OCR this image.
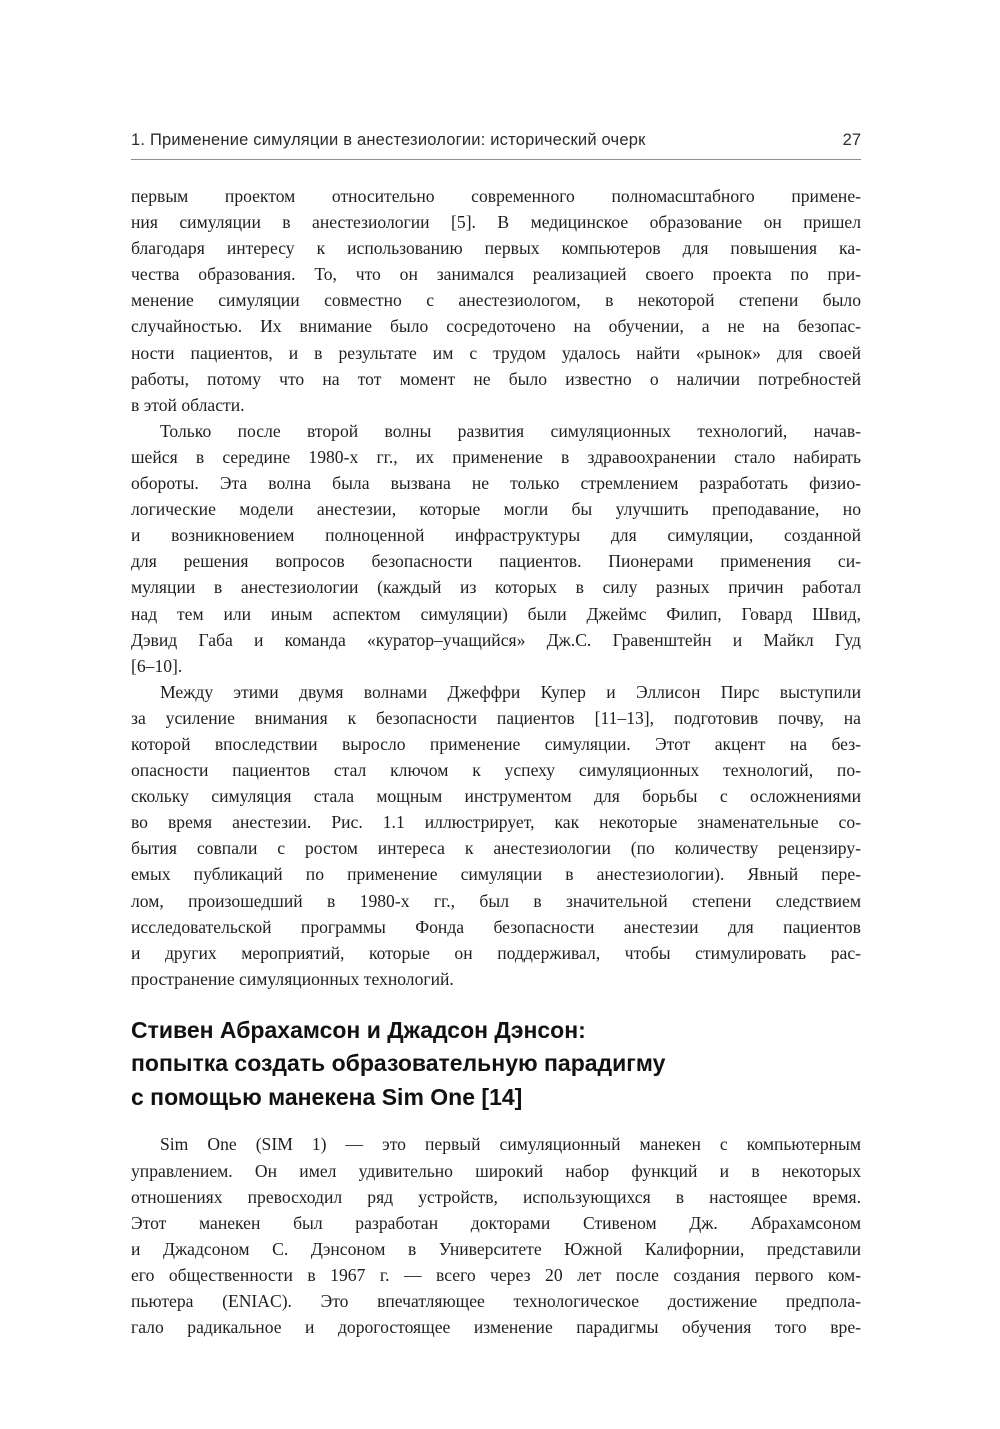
1. Применение симуляции в анестезиологии: исторический очерк	27
первым проектом относительно современного полномасштабного примене-
ния симуляции в анестезиологии [5]. В медицинское образование он пришел
благодаря интересу к использованию первых компьютеров для повышения ка-
чества образования. То, что он занимался реализацией своего проекта по при-
менение симуляции совместно с анестезиологом, в некоторой степени было
случайностью. Их внимание было сосредоточено на обучении, а не на безопас-
ности пациентов, и в результате им с трудом удалось найти «рынок» для своей
работы, потому что на тот момент не было известно о наличии потребностей
в этой области.
Только после второй волны развития симуляционных технологий, начав-
шейся в середине 1980-х гг., их применение в здравоохранении стало набирать
обороты. Эта волна была вызвана не только стремлением разработать физио-
логические модели анестезии, которые могли бы улучшить преподавание, но
и возникновением полноценной инфраструктуры для симуляции, созданной
для решения вопросов безопасности пациентов. Пионерами применения си-
муляции в анестезиологии (каждый из которых в силу разных причин работал
над тем или иным аспектом симуляции) были Джеймс Филип, Говард Швид,
Дэвид Габа и команда «куратор–учащийся» Дж.С. Гравенштейн и Майкл Гуд
[6–10].
Между этими двумя волнами Джеффри Купер и Эллисон Пирс выступили
за усиление внимания к безопасности пациентов [11–13], подготовив почву, на
которой впоследствии выросло применение симуляции. Этот акцент на без-
опасности пациентов стал ключом к успеху симуляционных технологий, по-
скольку симуляция стала мощным инструментом для борьбы с осложнениями
во время анестезии. Рис. 1.1 иллюстрирует, как некоторые знаменательные со-
бытия совпали с ростом интереса к анестезиологии (по количеству рецензиру-
емых публикаций по применение симуляции в анестезиологии). Явный пере-
лом, произошедший в 1980-х гг., был в значительной степени следствием
исследовательской программы Фонда безопасности анестезии для пациентов
и других мероприятий, которые он поддерживал, чтобы стимулировать рас-
пространение симуляционных технологий.
Стивен Абрахамсон и Джадсон Дэнсон:
попытка создать образовательную парадигму
с помощью манекена Sim One [14]
Sim One (SIM 1) — это первый симуляционный манекен с компьютерным
управлением. Он имел удивительно широкий набор функций и в некоторых
отношениях превосходил ряд устройств, использующихся в настоящее время.
Этот манекен был разработан докторами Стивеном Дж. Абрахамсоном
и Джадсоном С. Дэнсоном в Университете Южной Калифорнии, представили
его общественности в 1967 г. — всего через 20 лет после создания первого ком-
пьютера (ENIAC). Это впечатляющее технологическое достижение предпола-
гало радикальное и дорогостоящее изменение парадигмы обучения того вре-
